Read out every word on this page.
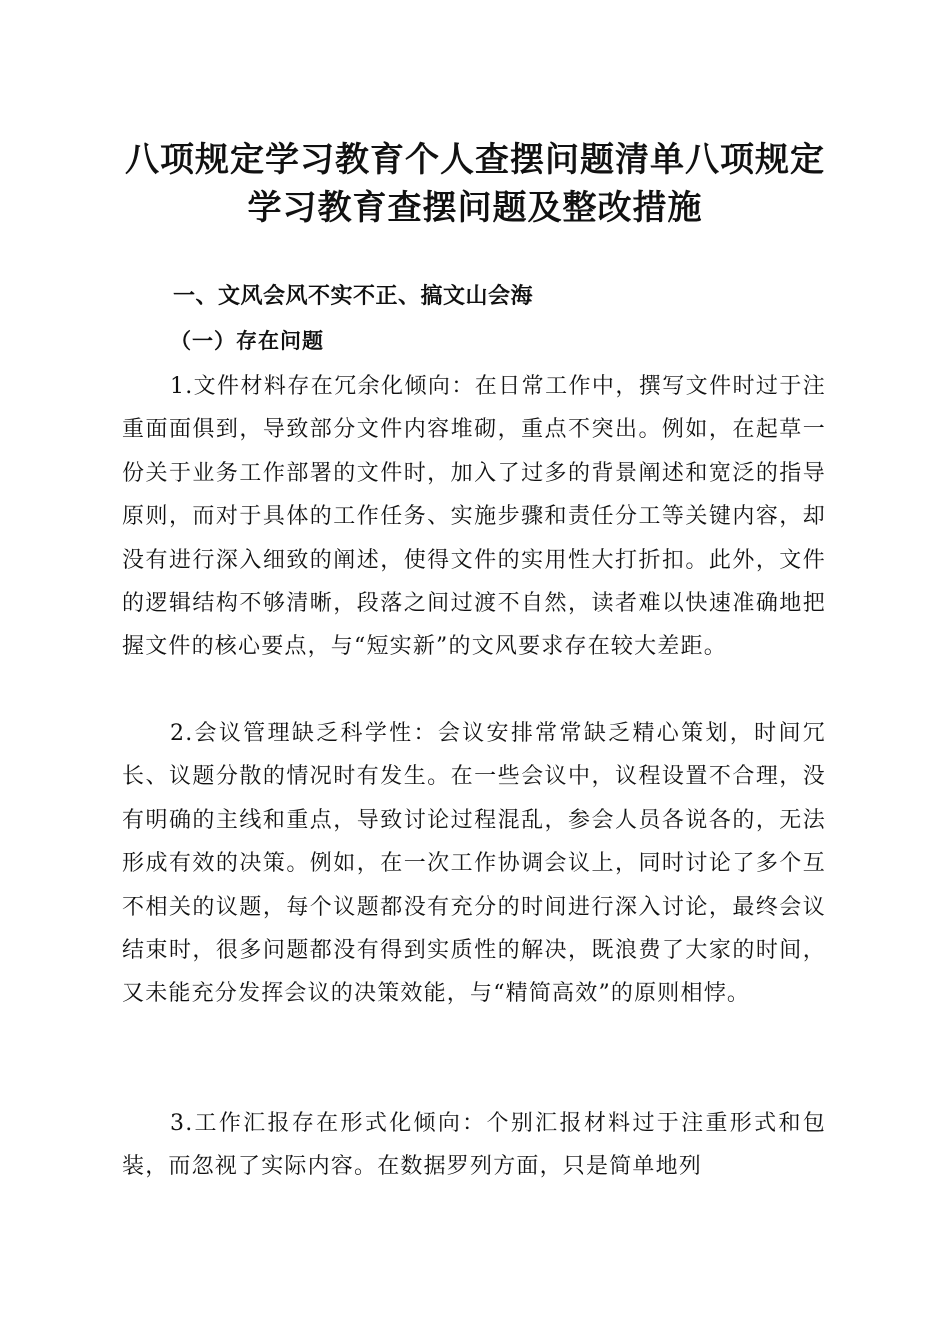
八项规定学习教育个人查摆问题清单八项规定
学习教育查摆问题及整改措施
一、文风会风不实不正、搞文山会海
（一）存在问题

1.文件材料存在冗余化倾向：在日常工作中，撰写文件时过于注重面面俱到，导致部分文件内容堆砌，重点不突出。例如，在起草一份关于业务工作部署的文件时，加入了过多的背景阐述和宽泛的指导原则，而对于具体的工作任务、实施步骤和责任分工等关键内容，却没有进行深入细致的阐述，使得文件的实用性大打折扣。此外，文件的逻辑结构不够清晰，段落之间过渡不自然，读者难以快速准确地把握文件的核心要点，与“短实新”的文风要求存在较大差距。

2.会议管理缺乏科学性：会议安排常常缺乏精心策划，时间冗长、议题分散的情况时有发生。在一些会议中，议程设置不合理，没有明确的主线和重点，导致讨论过程混乱，参会人员各说各的，无法形成有效的决策。例如，在一次工作协调会议上，同时讨论了多个互不相关的议题，每个议题都没有充分的时间进行深入讨论，最终会议结束时，很多问题都没有得到实质性的解决，既浪费了大家的时间，又未能充分发挥会议的决策效能，与“精简高效”的原则相悖。

3.工作汇报存在形式化倾向：个别汇报材料过于注重形式和包装，而忽视了实际内容。在数据罗列方面，只是简单地列
